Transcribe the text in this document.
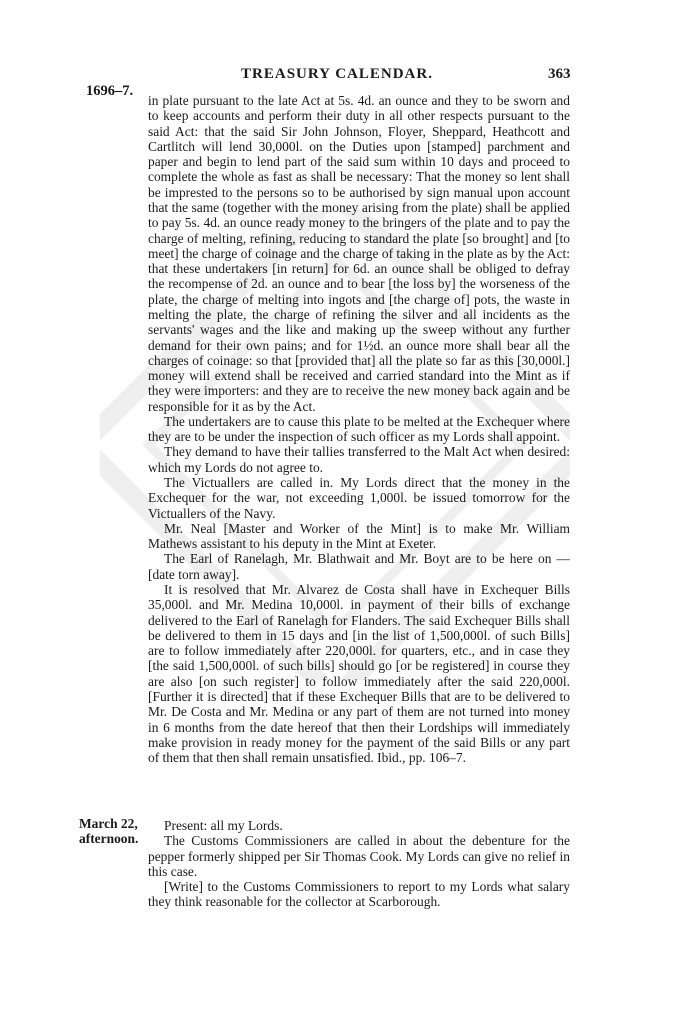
1696–7.
TREASURY CALENDAR.	363

in plate pursuant to the late Act at 5s. 4d. an ounce and they to be sworn and to keep accounts and perform their duty in all other respects pursuant to the said Act: that the said Sir John Johnson, Floyer, Sheppard, Heathcott and Cartlitch will lend 30,000l. on the Duties upon [stamped] parchment and paper and begin to lend part of the said sum within 10 days and proceed to complete the whole as fast as shall be necessary: That the money so lent shall be imprested to the persons so to be authorised by sign manual upon account that the same (together with the money arising from the plate) shall be applied to pay 5s. 4d. an ounce ready money to the bringers of the plate and to pay the charge of melting, refining, reducing to standard the plate [so brought] and [to meet] the charge of coinage and the charge of taking in the plate as by the Act: that these undertakers [in return] for 6d. an ounce shall be obliged to defray the recompense of 2d. an ounce and to bear [the loss by] the worseness of the plate, the charge of melting into ingots and [the charge of] pots, the waste in melting the plate, the charge of refining the silver and all incidents as the servants' wages and the like and making up the sweep without any further demand for their own pains; and for 1½d. an ounce more shall bear all the charges of coinage: so that [provided that] all the plate so far as this [30,000l.] money will extend shall be received and carried standard into the Mint as if they were importers: and they are to receive the new money back again and be responsible for it as by the Act.

The undertakers are to cause this plate to be melted at the Exchequer where they are to be under the inspection of such officer as my Lords shall appoint.

They demand to have their tallies transferred to the Malt Act when desired: which my Lords do not agree to.

The Victuallers are called in. My Lords direct that the money in the Exchequer for the war, not exceeding 1,000l. be issued tomorrow for the Victuallers of the Navy.

Mr. Neal [Master and Worker of the Mint] is to make Mr. William Mathews assistant to his deputy in the Mint at Exeter.

The Earl of Ranelagh, Mr. Blathwait and Mr. Boyt are to be here on — [date torn away].

It is resolved that Mr. Alvarez de Costa shall have in Exchequer Bills 35,000l. and Mr. Medina 10,000l. in payment of their bills of exchange delivered to the Earl of Ranelagh for Flanders. The said Exchequer Bills shall be delivered to them in 15 days and [in the list of 1,500,000l. of such Bills] are to follow immediately after 220,000l. for quarters, etc., and in case they [the said 1,500,000l. of such bills] should go [or be registered] in course they are also [on such register] to follow immediately after the said 220,000l. [Further it is directed] that if these Exchequer Bills that are to be delivered to Mr. De Costa and Mr. Medina or any part of them are not turned into money in 6 months from the date hereof that then their Lordships will immediately make provision in ready money for the payment of the said Bills or any part of them that then shall remain unsatisfied. Ibid., pp. 106–7.

March 22,
afternoon.

Present: all my Lords.

The Customs Commissioners are called in about the debenture for the pepper formerly shipped per Sir Thomas Cook. My Lords can give no relief in this case.

[Write] to the Customs Commissioners to report to my Lords what salary they think reasonable for the collector at Scarborough.
